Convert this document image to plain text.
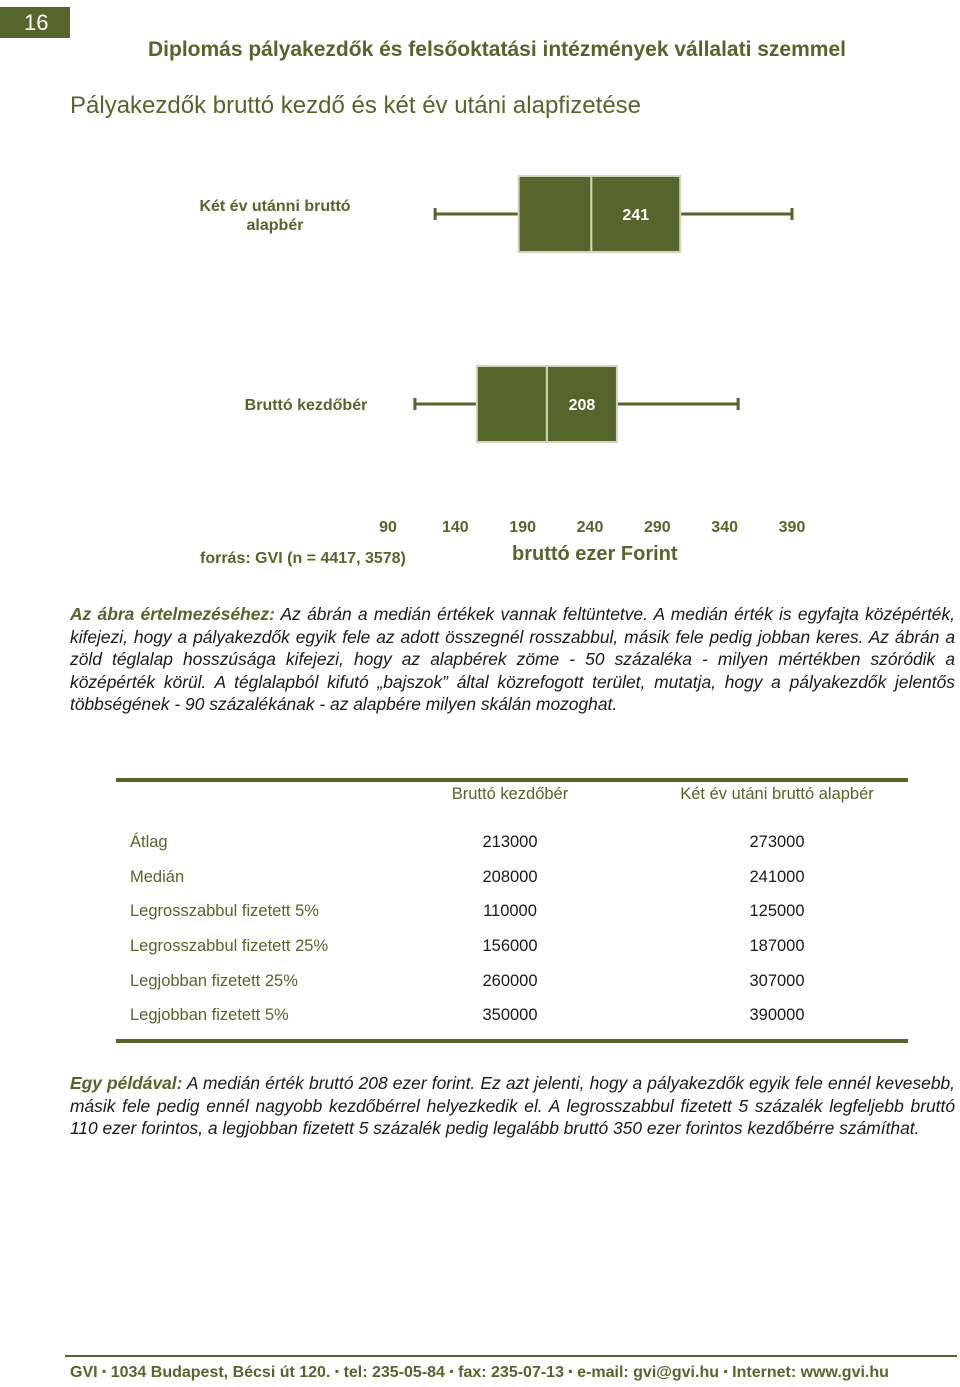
16
Diplomás pályakezdők és felsőoktatási intézmények vállalati szemmel
Pályakezdők bruttó kezdő és két év utáni alapfizetése
241
208
Két év utánni bruttó
alapbér
Bruttó kezdőbér
90	140	190	240	290	340	390
forrás: GVI (n = 4417, 3578)	bruttó ezer Forint
Az ábra értelmezéséhez: Az ábrán a medián értékek vannak feltüntetve. A medián érték is egyfajta középérték, kifejezi, hogy a pályakezdők egyik fele az adott összegnél rosszabbul, másik fele pedig jobban keres. Az ábrán a zöld téglalap hosszúsága kifejezi, hogy az alapbérek zöme - 50 százaléka - milyen mértékben szóródik a középérték körül. A téglalapból kifutó „bajszok” által közrefogott terület, mutatja, hogy a pályakezdők jelentős többségének - 90 százalékának - az alapbére milyen skálán mozoghat.
Bruttó kezdőbér	Két év utáni bruttó alapbér
Átlag	213000	273000
Medián	208000	241000
Legrosszabbul fizetett 5%	110000	125000
Legrosszabbul fizetett 25%	156000	187000
Legjobban fizetett 25%	260000	307000
Legjobban fizetett 5%	350000	390000
Egy példával: A medián érték bruttó 208 ezer forint. Ez azt jelenti, hogy a pályakezdők egyik fele ennél kevesebb, másik fele pedig ennél nagyobb kezdőbérrel helyezkedik el. A legrosszabbul fizetett 5 százalék legfeljebb bruttó 110 ezer forintos, a legjobban fizetett 5 százalék pedig legalább bruttó 350 ezer forintos kezdőbérre számíthat.
GVI ▪ 1034 Budapest, Bécsi út 120. ▪ tel: 235-05-84 ▪ fax: 235-07-13 ▪ e-mail: gvi@gvi.hu ▪ Internet: www.gvi.hu
